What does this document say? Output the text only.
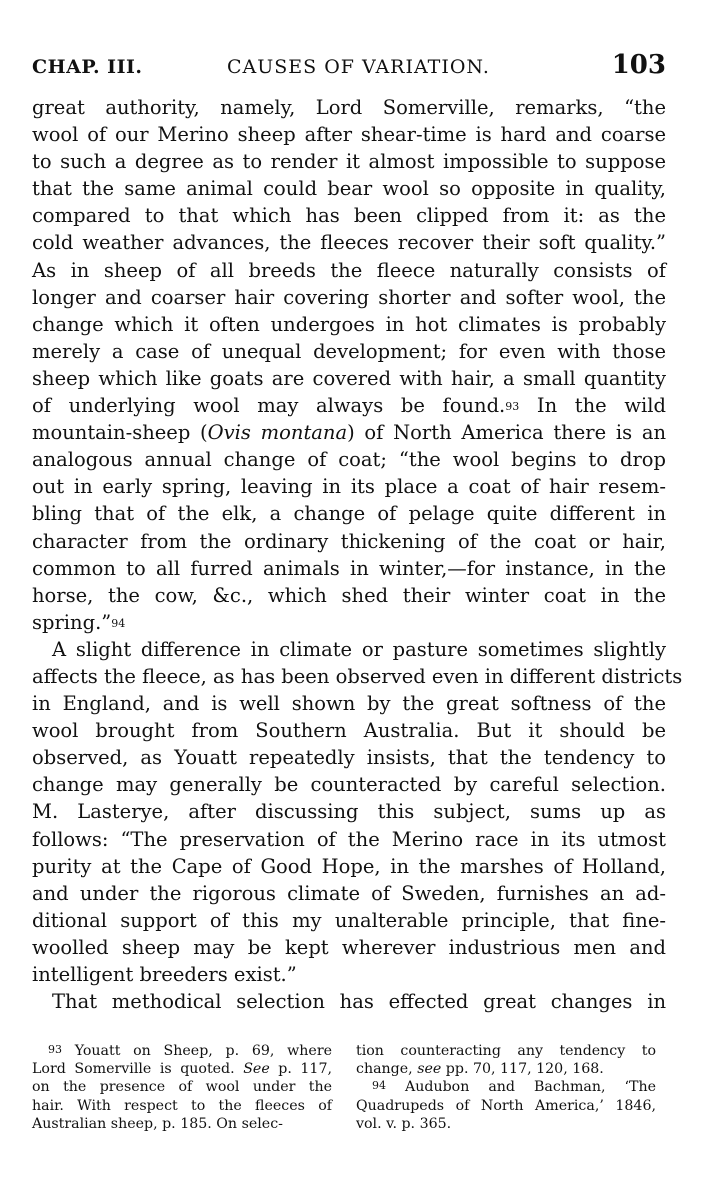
CHAP. III.	CAUSES OF VARIATION.	103
great authority, namely, Lord Somerville, remarks, “the
wool of our Merino sheep after shear-time is hard and coarse
to such a degree as to render it almost impossible to suppose
that the same animal could bear wool so opposite in quality,
compared to that which has been clipped from it: as the
cold weather advances, the fleeces recover their soft quality.”
As in sheep of all breeds the fleece naturally consists of
longer and coarser hair covering shorter and softer wool, the
change which it often undergoes in hot climates is probably
merely a case of unequal development; for even with those
sheep which like goats are covered with hair, a small quantity
of underlying wool may always be found.$^{93}$ In the wild
mountain-sheep (Ovis montana) of North America there is an
analogous annual change of coat; “the wool begins to drop
out in early spring, leaving in its place a coat of hair resem-
bling that of the elk, a change of pelage quite different in
character from the ordinary thickening of the coat or hair,
common to all furred animals in winter,—for instance, in the
horse, the cow, &c., which shed their winter coat in the
spring.”$^{94}$
A slight difference in climate or pasture sometimes slightly
affects the fleece, as has been observed even in different districts
in England, and is well shown by the great softness of the
wool brought from Southern Australia. But it should be
observed, as Youatt repeatedly insists, that the tendency to
change may generally be counteracted by careful selection.
M. Lasterye, after discussing this subject, sums up as
follows: “The preservation of the Merino race in its utmost
purity at the Cape of Good Hope, in the marshes of Holland,
and under the rigorous climate of Sweden, furnishes an ad-
ditional support of this my unalterable principle, that fine-
woolled sheep may be kept wherever industrious men and
intelligent breeders exist.”
That methodical selection has effected great changes in
$^{93}$ Youatt on Sheep, p. 69, where
Lord Somerville is quoted. See p. 117,
on the presence of wool under the
hair. With respect to the fleeces of
Australian sheep, p. 185. On selec-
tion counteracting any tendency to
change, see pp. 70, 117, 120, 168.
$^{94}$ Audubon and Bachman, ‘The
Quadrupeds of North America,’ 1846,
vol. v. p. 365.
